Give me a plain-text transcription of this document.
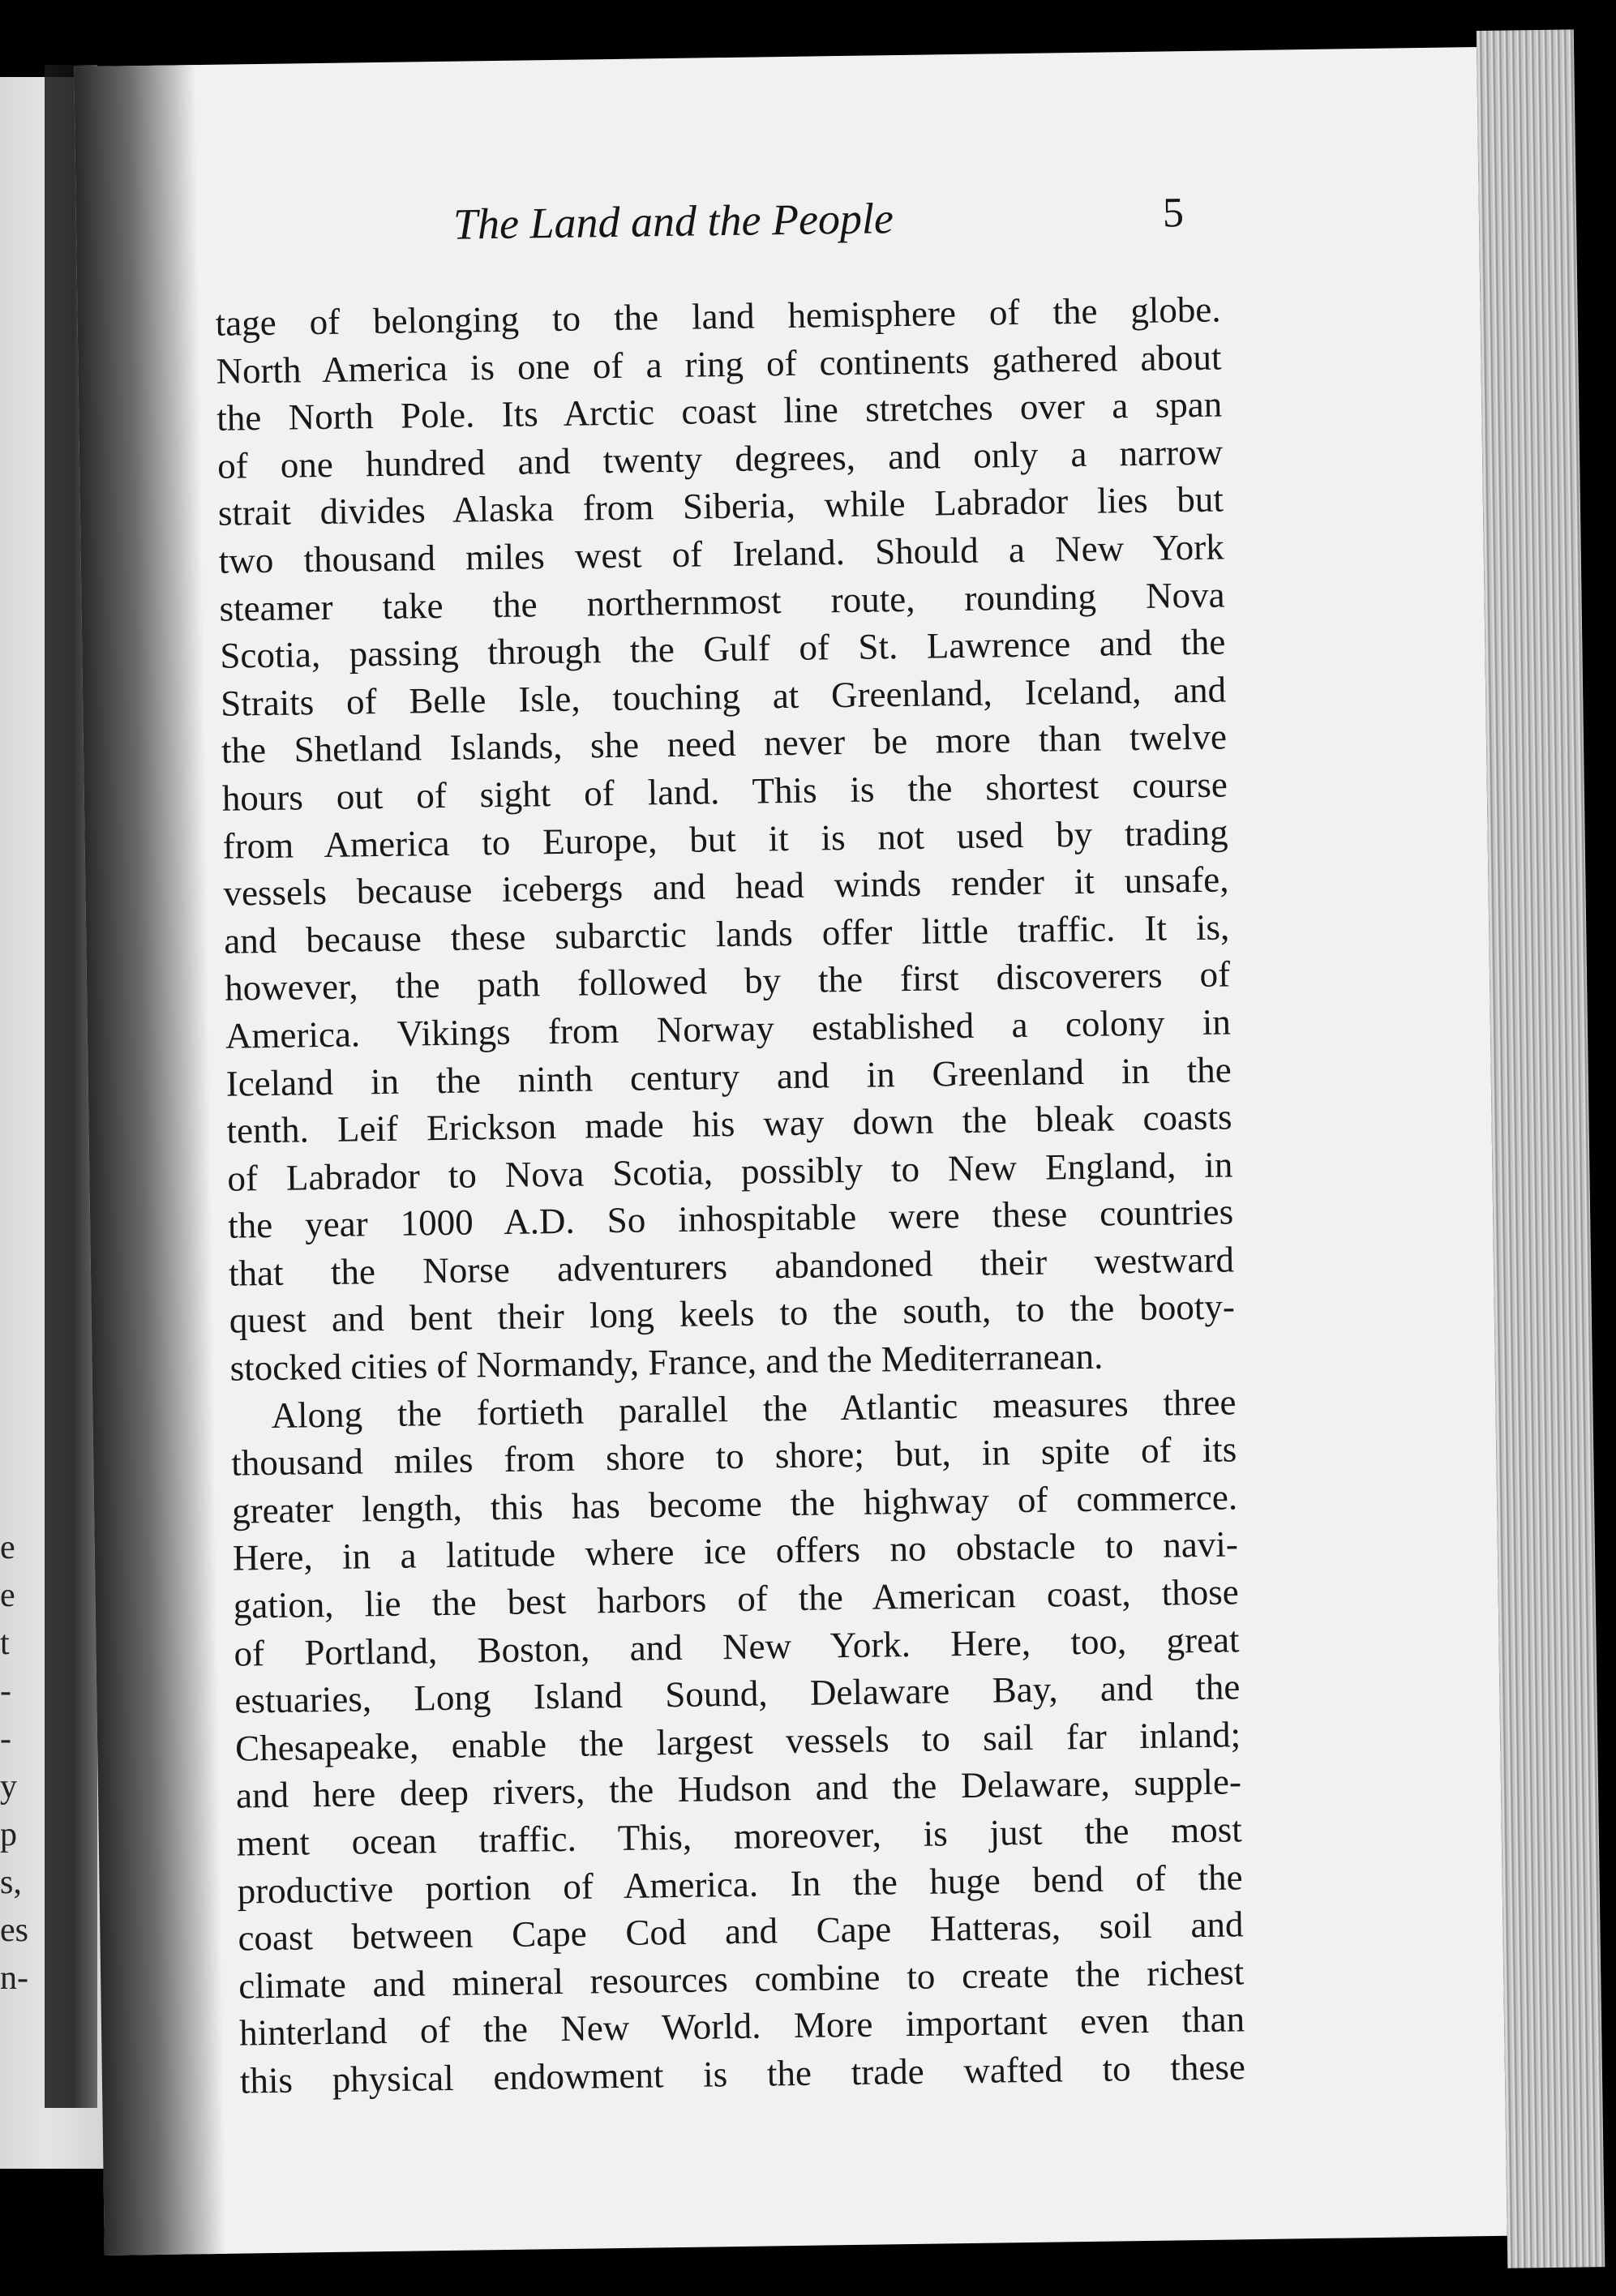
e
e
t
-
-
y
p
s,
es
n-
The Land and the People	5
tage of belonging to the land hemisphere of the globe.
North America is one of a ring of continents gathered about
the North Pole. Its Arctic coast line stretches over a span
of one hundred and twenty degrees, and only a narrow
strait divides Alaska from Siberia, while Labrador lies but
two thousand miles west of Ireland. Should a New York
steamer take the northernmost route, rounding Nova
Scotia, passing through the Gulf of St. Lawrence and the
Straits of Belle Isle, touching at Greenland, Iceland, and
the Shetland Islands, she need never be more than twelve
hours out of sight of land. This is the shortest course
from America to Europe, but it is not used by trading
vessels because icebergs and head winds render it unsafe,
and because these subarctic lands offer little traffic. It is,
however, the path followed by the first discoverers of
America. Vikings from Norway established a colony in
Iceland in the ninth century and in Greenland in the
tenth. Leif Erickson made his way down the bleak coasts
of Labrador to Nova Scotia, possibly to New England, in
the year 1000 A.D. So inhospitable were these countries
that the Norse adventurers abandoned their westward
quest and bent their long keels to the south, to the booty-
stocked cities of Normandy, France, and the Mediterranean.
Along the fortieth parallel the Atlantic measures three
thousand miles from shore to shore; but, in spite of its
greater length, this has become the highway of commerce.
Here, in a latitude where ice offers no obstacle to navi-
gation, lie the best harbors of the American coast, those
of Portland, Boston, and New York. Here, too, great
estuaries, Long Island Sound, Delaware Bay, and the
Chesapeake, enable the largest vessels to sail far inland;
and here deep rivers, the Hudson and the Delaware, supple-
ment ocean traffic. This, moreover, is just the most
productive portion of America. In the huge bend of the
coast between Cape Cod and Cape Hatteras, soil and
climate and mineral resources combine to create the richest
hinterland of the New World. More important even than
this physical endowment is the trade wafted to these
